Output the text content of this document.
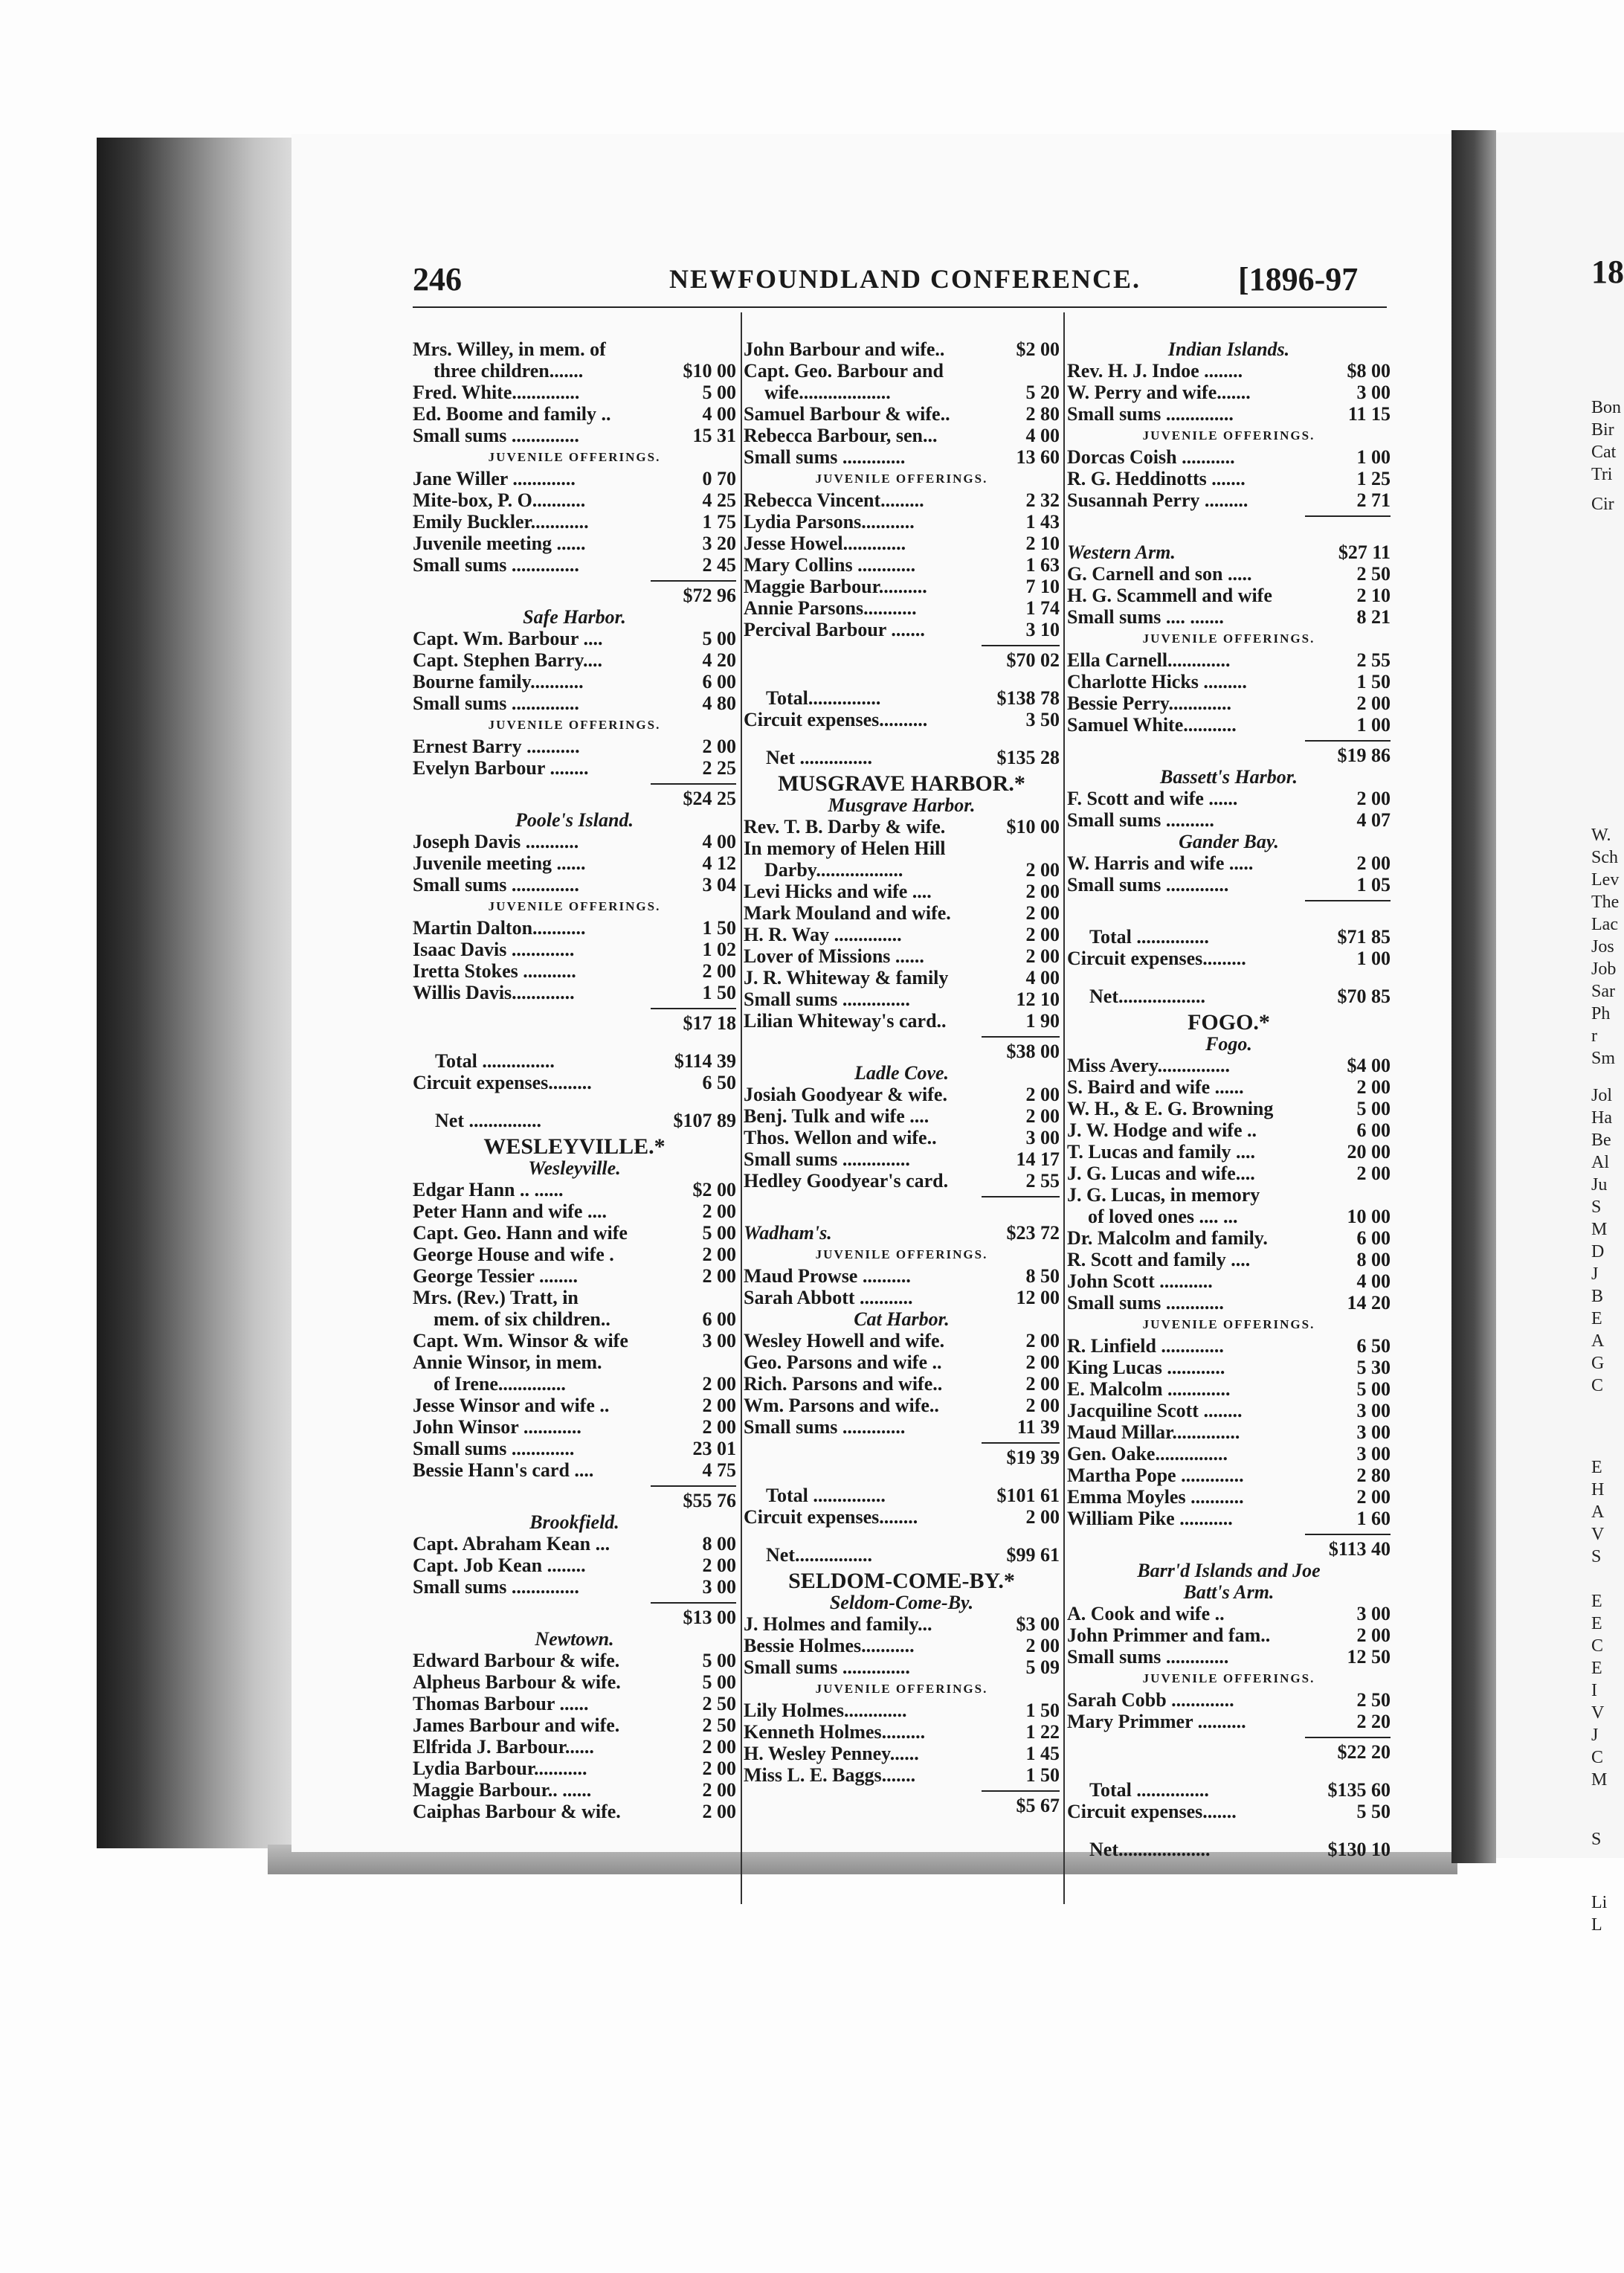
246	NEWFOUNDLAND CONFERENCE.	[1896-97	18
Mrs. Willey, in mem. of
three children.......	$10 00
Fred. White..............	5 00
Ed. Boome and family ..	4 00
Small sums ..............	15 31
JUVENILE OFFERINGS.
Jane Willer .............	0 70
Mite-box, P. O...........	4 25
Emily Buckler............	1 75
Juvenile meeting ......	3 20
Small sums ..............	2 45
$72 96
Safe Harbor.
Capt. Wm. Barbour ....	5 00
Capt. Stephen Barry....	4 20
Bourne family...........	6 00
Small sums ..............	4 80
JUVENILE OFFERINGS.
Ernest Barry ...........	2 00
Evelyn Barbour ........	2 25
$24 25
Poole's Island.
Joseph Davis ...........	4 00
Juvenile meeting ......	4 12
Small sums ..............	3 04
JUVENILE OFFERINGS.
Martin Dalton...........	1 50
Isaac Davis .............	1 02
Iretta Stokes ...........	2 00
Willis Davis.............	1 50
$17 18
Total ...............	$114 39
Circuit expenses.........	6 50
Net ...............	$107 89
WESLEYVILLE.*
Wesleyville.
Edgar Hann .. ......	$2 00
Peter Hann and wife ....	2 00
Capt. Geo. Hann and wife	5 00
George House and wife .	2 00
George Tessier ........	2 00
Mrs. (Rev.) Tratt, in
mem. of six children..	6 00
Capt. Wm. Winsor & wife	3 00
Annie Winsor, in mem.
of Irene..............	2 00
Jesse Winsor and wife ..	2 00
John Winsor ............	2 00
Small sums .............	23 01
Bessie Hann's card ....	4 75
$55 76
Brookfield.
Capt. Abraham Kean ...	8 00
Capt. Job Kean ........	2 00
Small sums ..............	3 00
$13 00
Newtown.
Edward Barbour & wife.	5 00
Alpheus Barbour & wife.	5 00
Thomas Barbour ......	2 50
James Barbour and wife.	2 50
Elfrida J. Barbour......	2 00
Lydia Barbour...........	2 00
Maggie Barbour.. ......	2 00
Caiphas Barbour & wife.	2 00
John Barbour and wife..	$2 00
Capt. Geo. Barbour and
wife...................	5 20
Samuel Barbour & wife..	2 80
Rebecca Barbour, sen...	4 00
Small sums .............	13 60
JUVENILE OFFERINGS.
Rebecca Vincent.........	2 32
Lydia Parsons...........	1 43
Jesse Howel.............	2 10
Mary Collins ............	1 63
Maggie Barbour..........	7 10
Annie Parsons...........	1 74
Percival Barbour .......	3 10
$70 02
Total...............	$138 78
Circuit expenses..........	3 50
Net ...............	$135 28
MUSGRAVE HARBOR.*
Musgrave Harbor.
Rev. T. B. Darby & wife.	$10 00
In memory of Helen Hill
Darby..................	2 00
Levi Hicks and wife ....	2 00
Mark Mouland and wife.	2 00
H. R. Way ..............	2 00
Lover of Missions ......	2 00
J. R. Whiteway & family	4 00
Small sums ..............	12 10
Lilian Whiteway's card..	1 90
$38 00
Ladle Cove.
Josiah Goodyear & wife.	2 00
Benj. Tulk and wife ....	2 00
Thos. Wellon and wife..	3 00
Small sums ..............	14 17
Hedley Goodyear's card.	2 55

Wadham's.	$23 72
JUVENILE OFFERINGS.
Maud Prowse ..........	8 50
Sarah Abbott ...........	12 00
Cat Harbor.
Wesley Howell and wife.	2 00
Geo. Parsons and wife ..	2 00
Rich. Parsons and wife..	2 00
Wm. Parsons and wife..	2 00
Small sums .............	11 39
$19 39
Total ...............	$101 61
Circuit expenses........	2 00
Net................	$99 61
SELDOM-COME-BY.*
Seldom-Come-By.
J. Holmes and family...	$3 00
Bessie Holmes...........	2 00
Small sums ..............	5 09
JUVENILE OFFERINGS.
Lily Holmes.............	1 50
Kenneth Holmes.........	1 22
H. Wesley Penney......	1 45
Miss L. E. Baggs.......	1 50
$5 67
Indian Islands.
Rev. H. J. Indoe ........	$8 00
W. Perry and wife.......	3 00
Small sums ..............	11 15
JUVENILE OFFERINGS.
Dorcas Coish ...........	1 00
R. G. Heddinotts .......	1 25
Susannah Perry .........	2 71

Western Arm.	$27 11
G. Carnell and son .....	2 50
H. G. Scammell and wife	2 10
Small sums .... .......	8 21
JUVENILE OFFERINGS.
Ella Carnell.............	2 55
Charlotte Hicks .........	1 50
Bessie Perry.............	2 00
Samuel White...........	1 00
$19 86
Bassett's Harbor.
F. Scott and wife ......	2 00
Small sums ..........	4 07
Gander Bay.
W. Harris and wife .....	2 00
Small sums .............	1 05

Total ...............	$71 85
Circuit expenses.........	1 00
Net..................	$70 85
FOGO.*
Fogo.
Miss Avery...............	$4 00
S. Baird and wife ......	2 00
W. H., & E. G. Browning	5 00
J. W. Hodge and wife ..	6 00
T. Lucas and family ....	20 00
J. G. Lucas and wife....	2 00
J. G. Lucas, in memory
of loved ones .... ...	10 00
Dr. Malcolm and family.	6 00
R. Scott and family ....	8 00
John Scott ...........	4 00
Small sums ............	14 20
JUVENILE OFFERINGS.
R. Linfield .............	6 50
King Lucas ............	5 30
E. Malcolm .............	5 00
Jacquiline Scott ........	3 00
Maud Millar..............	3 00
Gen. Oake...............	3 00
Martha Pope .............	2 80
Emma Moyles ...........	2 00
William Pike ...........	1 60
$113 40
Barr'd Islands and Joe
Batt's Arm.
A. Cook and wife ..	3 00
John Primmer and fam..	2 00
Small sums .............	12 50
JUVENILE OFFERINGS.
Sarah Cobb .............	2 50
Mary Primmer ..........	2 20
$22 20
Total ...............	$135 60
Circuit expenses.......	5 50
Net...................	$130 10
Bon
Bir
Cat
Tri
Cir
W.
Sch
Lev
The
Lac
Jos
Job
Sar
Ph
r
Sm
Jol
Ha
Be
Al
Ju
S
M
D
J
B
E
A
G
C
E
H
A
V
S
E
E
C
E
I
V
J
C
M
S
Li
L
